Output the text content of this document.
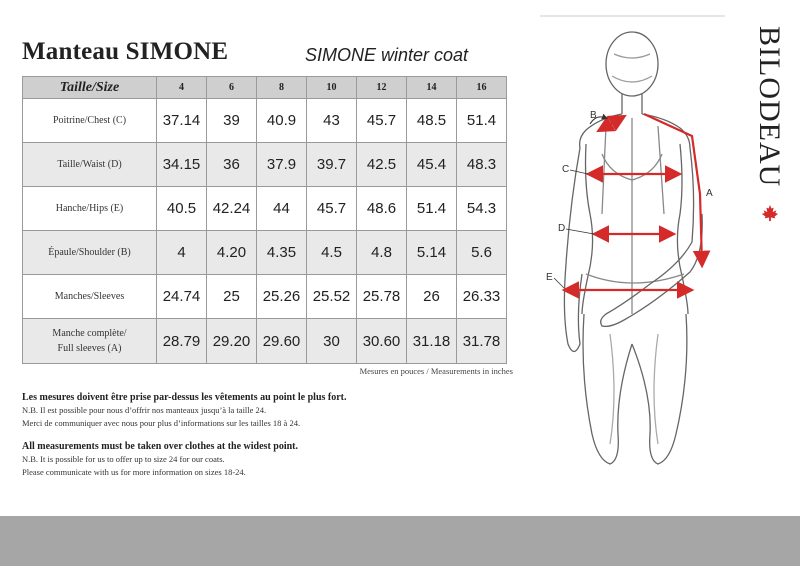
Manteau SIMONE	SIMONE winter coat
Taille/Size	4	6	8	10	12	14	16
Poitrine/Chest (C)	37.14	39	40.9	43	45.7	48.5	51.4
Taille/Waist (D)	34.15	36	37.9	39.7	42.5	45.4	48.3
Hanche/Hips (E)	40.5	42.24	44	45.7	48.6	51.4	54.3
Épaule/Shoulder (B)	4	4.20	4.35	4.5	4.8	5.14	5.6
Manches/Sleeves	24.74	25	25.26	25.52	25.78	26	26.33
Manche complète/
Full sleeves (A)	28.79	29.20	29.60	30	30.60	31.18	31.78
Mesures en pouces / Measurements in inches
Les mesures doivent être prise par-dessus les vêtements au point le plus fort.
N.B. Il est possible pour nous d’offrir nos manteaux jusqu’à la taille 24.
Merci de communiquer avec nous pour plus d’informations sur les tailles 18 à 24.
All measurements must be taken over clothes at the widest point.
N.B. It is possible for us to offer up to size 24 for our coats.
Please communicate with us for more information on sizes 18-24.
B
A
C
D
E
BILODEAU
